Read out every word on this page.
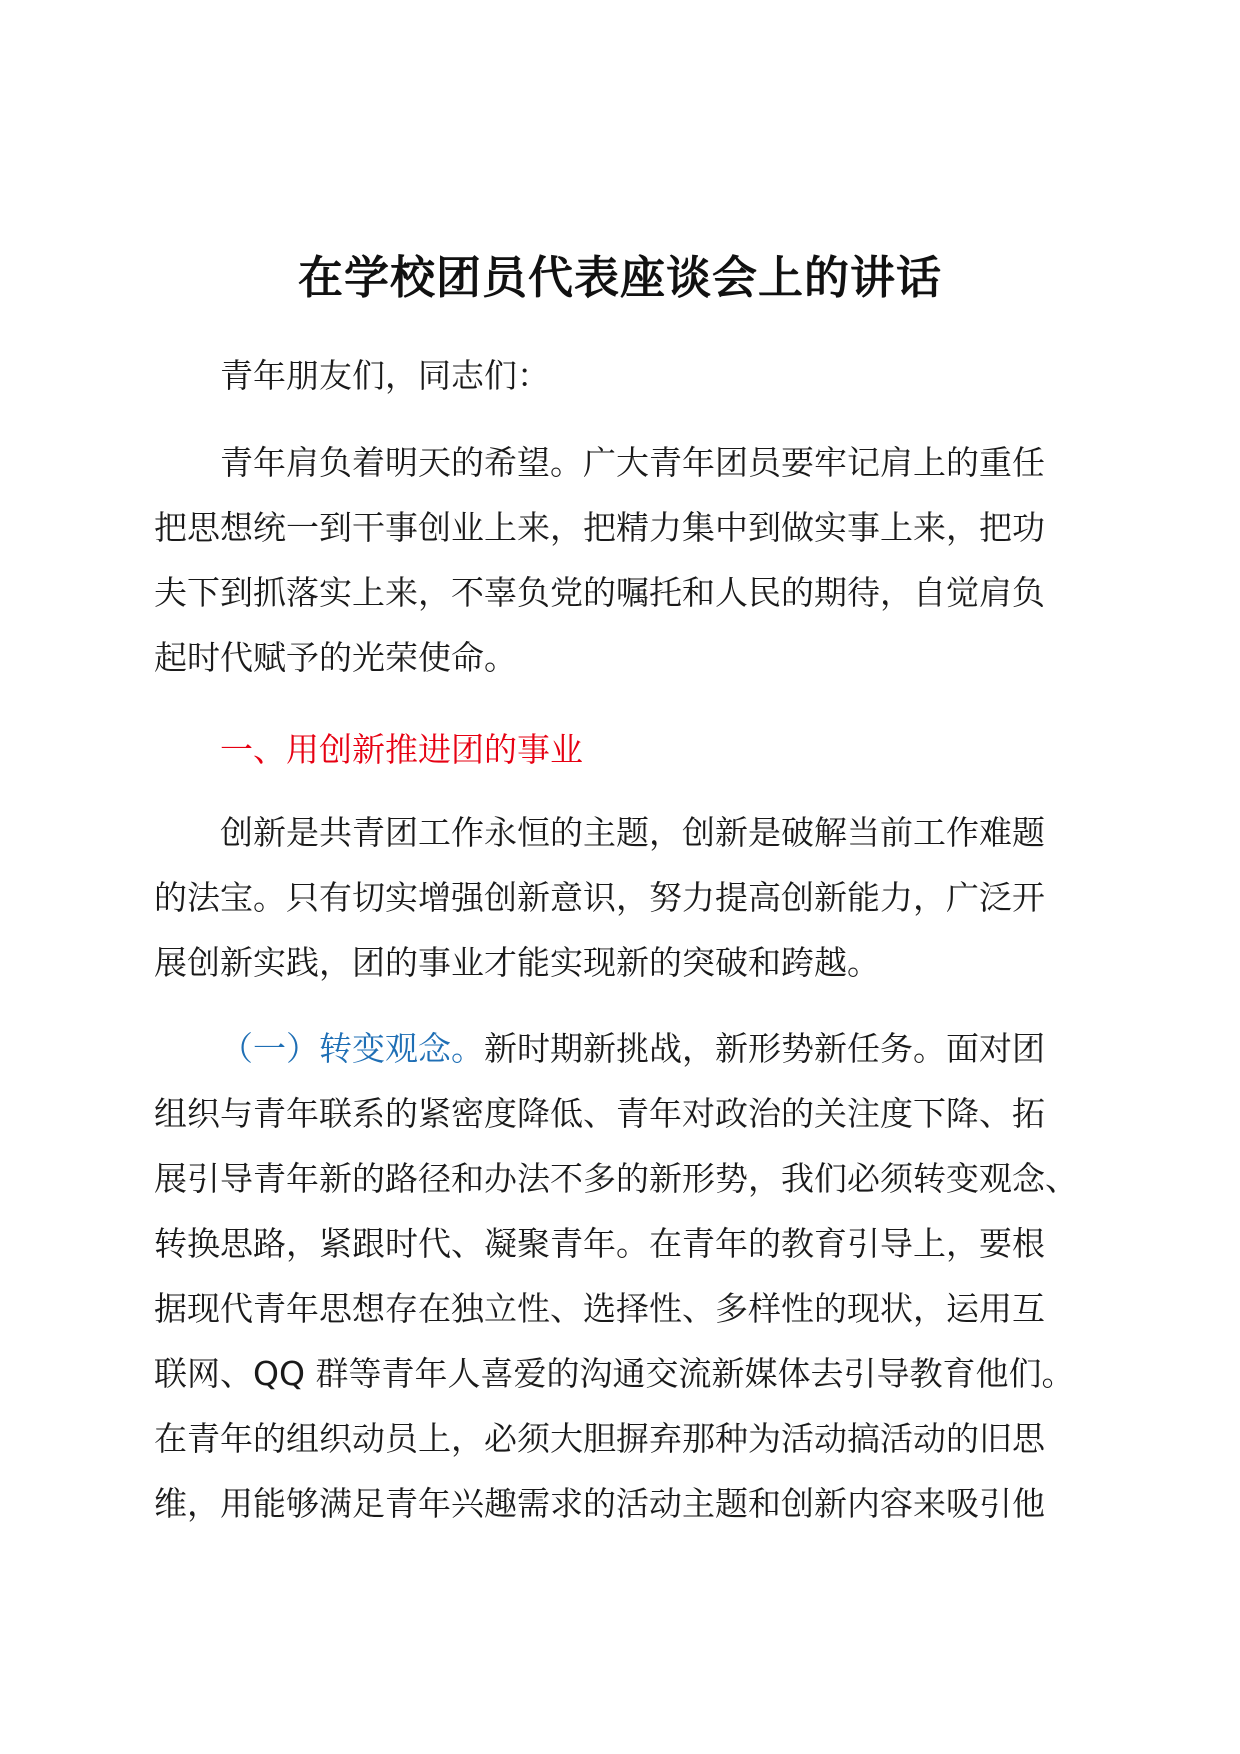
在学校团员代表座谈会上的讲话

青年朋友们，同志们：

青年肩负着明天的希望。广大青年团员要牢记肩上的重任
把思想统一到干事创业上来，把精力集中到做实事上来，把功
夫下到抓落实上来，不辜负党的嘱托和人民的期待，自觉肩负
起时代赋予的光荣使命。

一、用创新推进团的事业

创新是共青团工作永恒的主题，创新是破解当前工作难题
的法宝。只有切实增强创新意识，努力提高创新能力，广泛开
展创新实践，团的事业才能实现新的突破和跨越。
（一）转变观念。新时期新挑战，新形势新任务。面对团
组织与青年联系的紧密度降低、青年对政治的关注度下降、拓
展引导青年新的路径和办法不多的新形势，我们必须转变观念、
转换思路，紧跟时代、凝聚青年。在青年的教育引导上，要根
据现代青年思想存在独立性、选择性、多样性的现状，运用互
联网、QQ 群等青年人喜爱的沟通交流新媒体去引导教育他们。
在青年的组织动员上，必须大胆摒弃那种为活动搞活动的旧思
维，用能够满足青年兴趣需求的活动主题和创新内容来吸引他
